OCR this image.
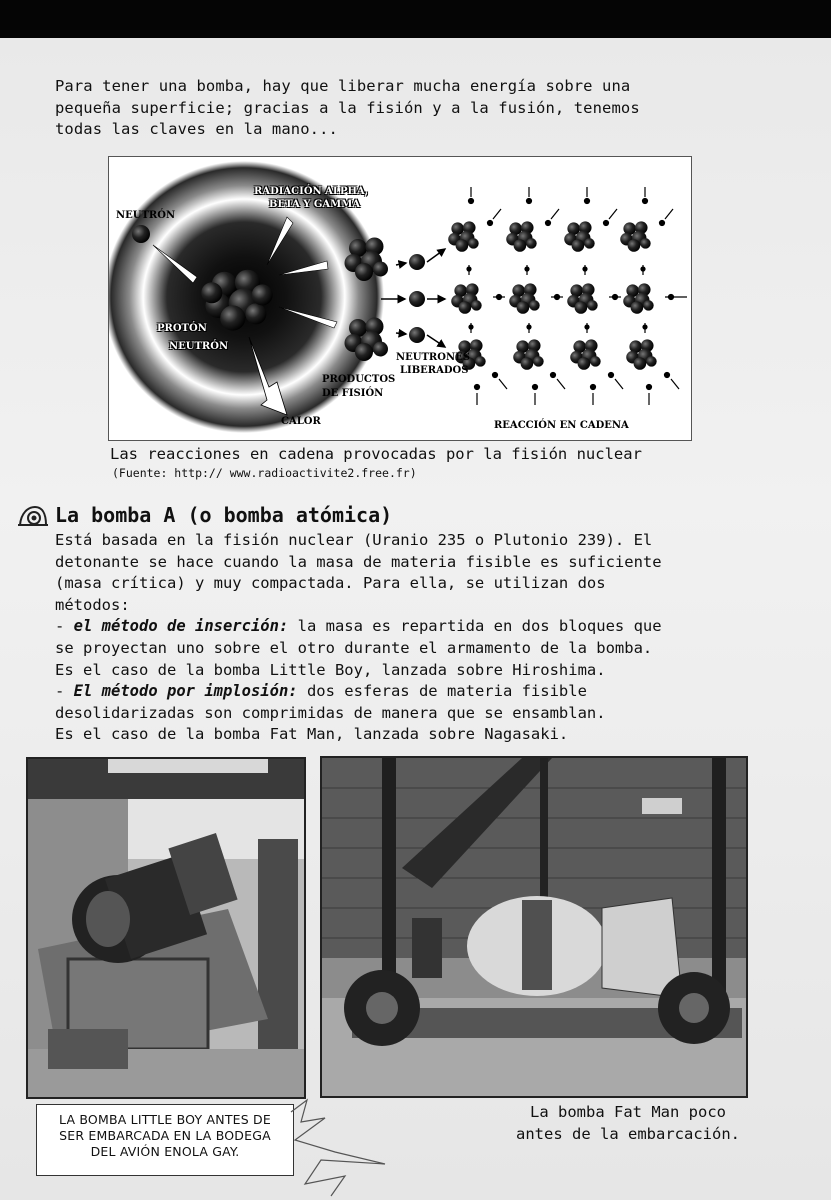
Para tener una bomba, hay que liberar mucha energía sobre una
pequeña superficie; gracias a la fisión y a la fusión, tenemos
todas las claves en la mano...
NEUTRÓN
RADIACIÓN ALPHA,
BETA Y GAMMA
PROTÓN
NEUTRÓN
CALOR
PRODUCTOS
DE FISIÓN
NEUTRONES
LIBERADOS
REACCIÓN EN CADENA
Las reacciones en cadena provocadas por la fisión nuclear
(Fuente: http:// www.radioactivite2.free.fr)
La bomba A (o bomba atómica)
Está basada en la fisión nuclear (Uranio 235 o Plutonio 239). El
detonante se hace cuando la masa de materia fisible es suficiente
(masa crítica) y muy compactada. Para ella, se utilizan dos
métodos:
- el método de inserción: la masa es repartida en dos bloques que
se proyectan uno sobre el otro durante el armamento de la bomba.
Es el caso de la bomba Little Boy, lanzada sobre Hiroshima.
- El método por implosión: dos esferas de materia fisible
desolidarizadas son comprimidas de manera que se ensamblan.
Es el caso de la bomba Fat Man, lanzada sobre Nagasaki.
LA BOMBA LITTLE BOY ANTES DE
SER EMBARCADA EN LA BODEGA
DEL AVIÓN ENOLA GAY.
La bomba Fat Man poco
antes de la embarcación.
